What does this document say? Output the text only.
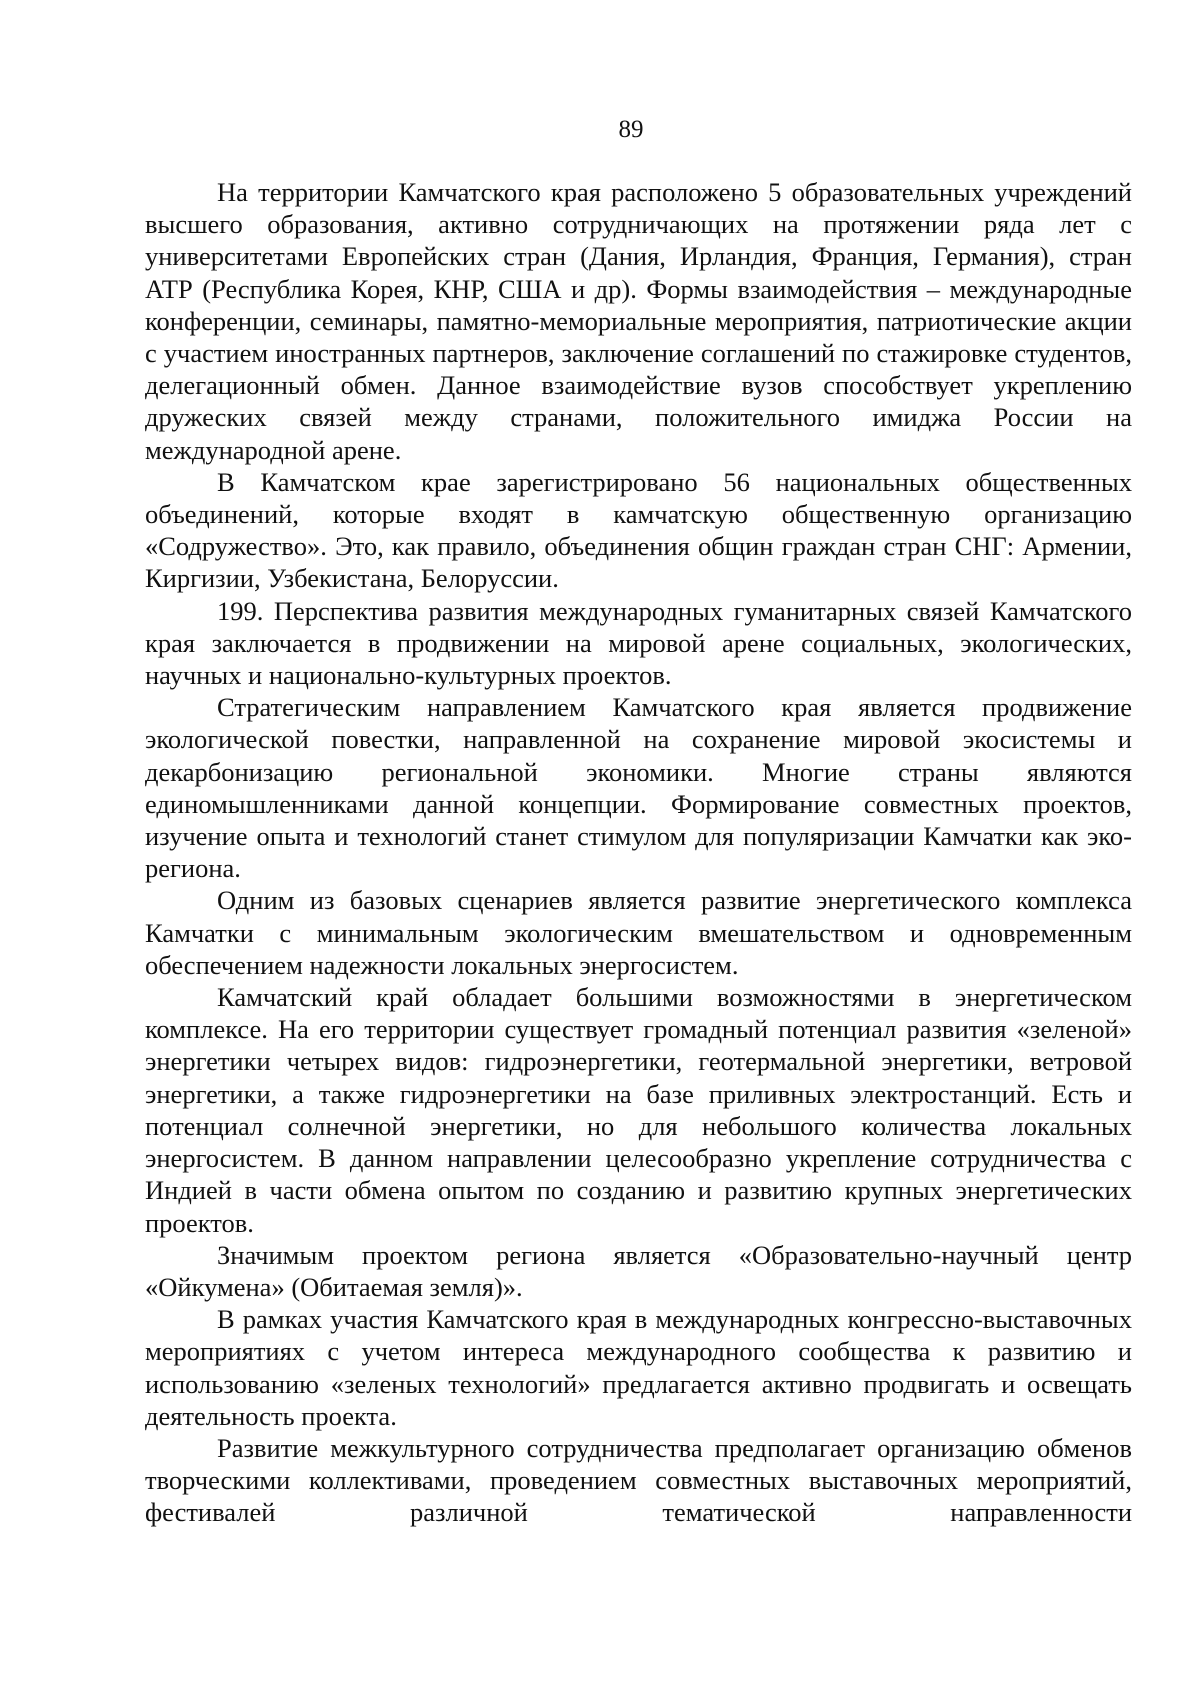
89

На территории Камчатского края расположено 5 образовательных учреждений высшего образования, активно сотрудничающих на протяжении ряда лет с университетами Европейских стран (Дания, Ирландия, Франция, Германия), стран АТР (Республика Корея, КНР, США и др). Формы взаимодействия – международные конференции, семинары, памятно-мемориальные мероприятия, патриотические акции с участием иностранных партнеров, заключение соглашений по стажировке студентов, делегационный обмен. Данное взаимодействие вузов способствует укреплению дружеских связей между странами, положительного имиджа России на международной арене.

В Камчатском крае зарегистрировано 56 национальных общественных объединений, которые входят в камчатскую общественную организацию «Содружество». Это, как правило, объединения общин граждан стран СНГ: Армении, Киргизии, Узбекистана, Белоруссии.

199. Перспектива развития международных гуманитарных связей Камчатского края заключается в продвижении на мировой арене социальных, экологических, научных и национально-культурных проектов.

Стратегическим направлением Камчатского края является продвижение экологической повестки, направленной на сохранение мировой экосистемы и декарбонизацию региональной экономики. Многие страны являются единомышленниками данной концепции. Формирование совместных проектов, изучение опыта и технологий станет стимулом для популяризации Камчатки как эко-региона.

Одним из базовых сценариев является развитие энергетического комплекса Камчатки с минимальным экологическим вмешательством и одновременным обеспечением надежности локальных энергосистем.

Камчатский край обладает большими возможностями в энергетическом комплексе. На его территории существует громадный потенциал развития «зеленой» энергетики четырех видов: гидроэнергетики, геотермальной энергетики, ветровой энергетики, а также гидроэнергетики на базе приливных электростанций. Есть и потенциал солнечной энергетики, но для небольшого количества локальных энергосистем. В данном направлении целесообразно укрепление сотрудничества с Индией в части обмена опытом по созданию и развитию крупных энергетических проектов.

Значимым проектом региона является «Образовательно-научный центр «Ойкумена» (Обитаемая земля)».

В рамках участия Камчатского края в международных конгрессно-выставочных мероприятиях с учетом интереса международного сообщества к развитию и использованию «зеленых технологий» предлагается активно продвигать и освещать деятельность проекта.

Развитие межкультурного сотрудничества предполагает организацию обменов творческими коллективами, проведением совместных выставочных мероприятий, фестивалей различной тематической направленности
